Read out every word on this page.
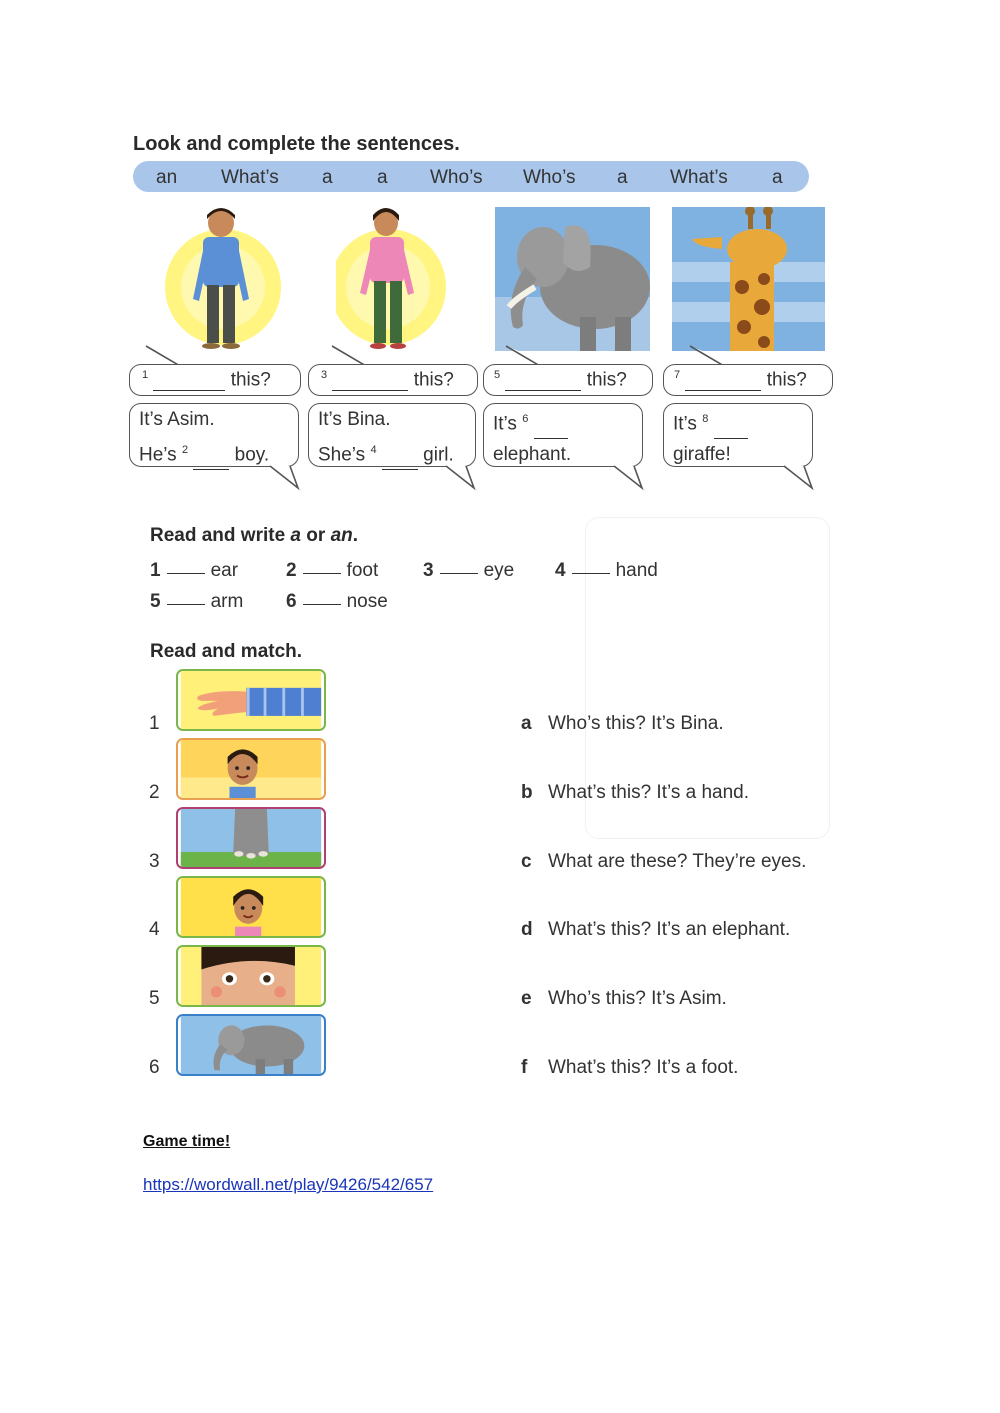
Look and complete the sentences.
an What’s a a Who’s Who’s a What’s a
$^1$	this?	$^3$	this?	$^5$	this?	$^7$	this?
It’s Asim.
He’s $^2$ boy.
It’s Bina.
She’s $^4$ girl.
It’s $^6$
elephant.
It’s $^8$
giraffe!
Read and write a or an.
1	ear	2	foot 3	eye 4	hand
5	arm 6	nose
Read and match.
1
2
3
4
5
6
a Who’s this? It’s Bina.
b What’s this? It’s a hand.
c What are these? They’re eyes.
d What’s this? It’s an elephant.
e Who’s this? It’s Asim.
f What’s this? It’s a foot.
Game time!
https://wordwall.net/play/9426/542/657
